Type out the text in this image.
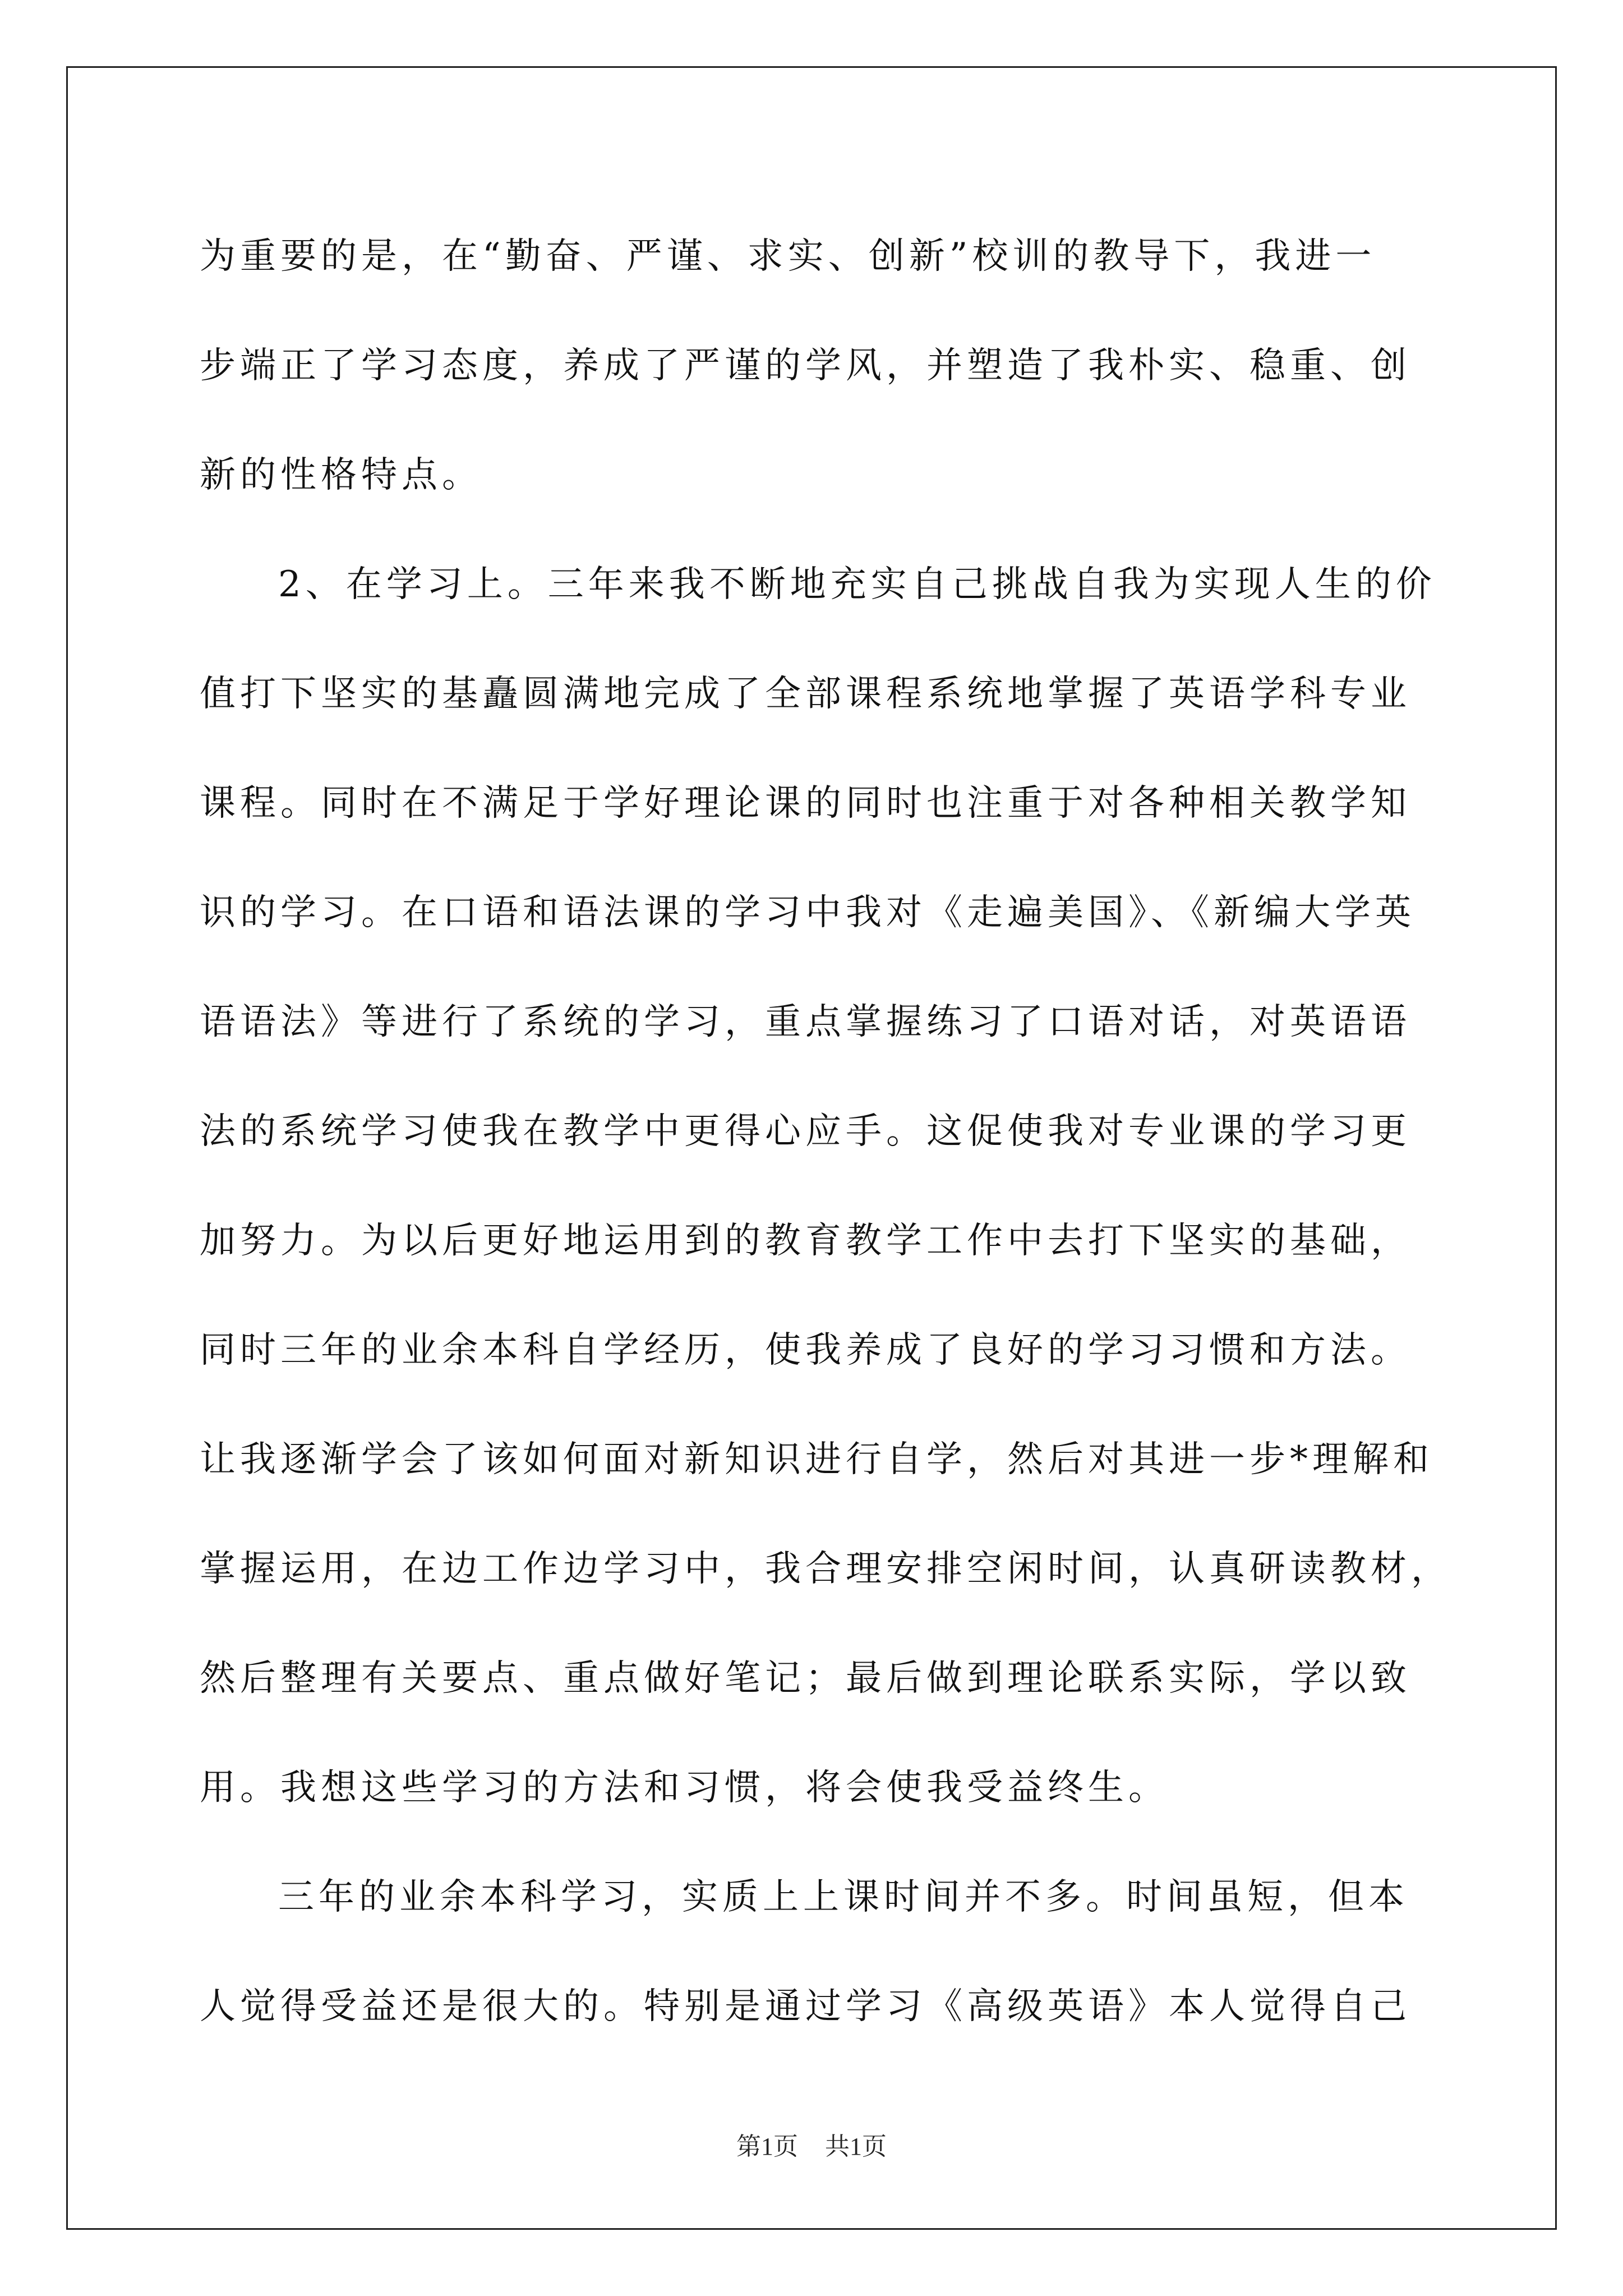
为重要的是，在“勤奋、严谨、求实、创新”校训的教导下，我进一
步端正了学习态度，养成了严谨的学风，并塑造了我朴实、稳重、创
新的性格特点。

2、在学习上。三年来我不断地充实自己挑战自我为实现人生的价
值打下坚实的基矗圆满地完成了全部课程系统地掌握了英语学科专业
课程。同时在不满足于学好理论课的同时也注重于对各种相关教学知
识的学习。在口语和语法课的学习中我对《走遍美国》、《新编大学英
语语法》等进行了系统的学习，重点掌握练习了口语对话，对英语语
法的系统学习使我在教学中更得心应手。这促使我对专业课的学习更
加努力。为以后更好地运用到的教育教学工作中去打下坚实的基础，
同时三年的业余本科自学经历，使我养成了良好的学习习惯和方法。
让我逐渐学会了该如何面对新知识进行自学，然后对其进一步*理解和
掌握运用，在边工作边学习中，我合理安排空闲时间，认真研读教材，
然后整理有关要点、重点做好笔记；最后做到理论联系实际，学以致
用。我想这些学习的方法和习惯，将会使我受益终生。

三年的业余本科学习，实质上上课时间并不多。时间虽短，但本
人觉得受益还是很大的。特别是通过学习《高级英语》本人觉得自己

第1页 共1页
